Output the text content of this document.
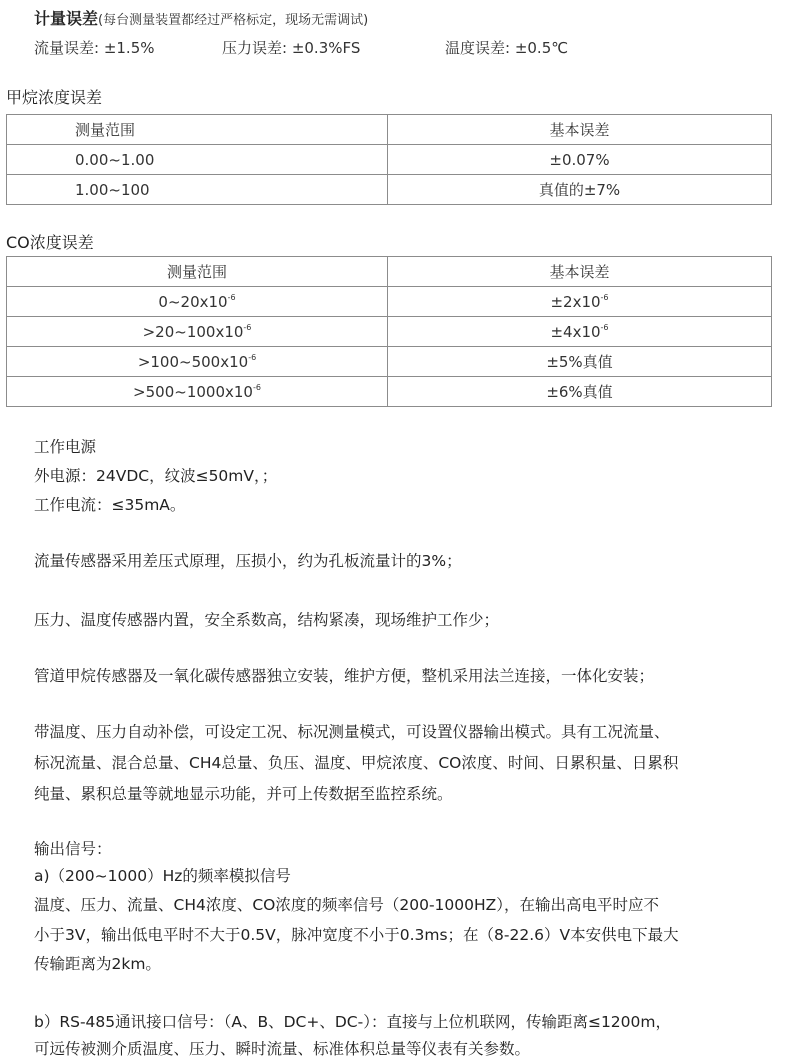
计量误差(每台测量装置都经过严格标定，现场无需调试)
流量误差: ±1.5%	压力误差: ±0.3%FS	温度误差: ±0.5℃
甲烷浓度误差
测量范围	基本误差
0.00~1.00	±0.07%
1.00~100	真值的±7%
CO浓度误差
测量范围	基本误差
$0\sim 20x10^{-6}$	$\pm 2x10^{-6}$
$>20\sim 100x10^{-6}$	$\pm 4x10^{-6}$
$>100\sim 500x10^{-6}$	±5%真值
$>500\sim 1000x10^{-6}$	±6%真值
工作电源
外电源：24VDC，纹波≤50mV，；
工作电流：≤35mA。
流量传感器采用差压式原理，压损小，约为孔板流量计的3%；
压力、温度传感器内置，安全系数高，结构紧凑，现场维护工作少；
管道甲烷传感器及一氧化碳传感器独立安装，维护方便，整机采用法兰连接，一体化安装；
带温度、压力自动补偿，可设定工况、标况测量模式，可设置仪器输出模式。具有工况流量、
标况流量、混合总量、CH4总量、负压、温度、甲烷浓度、CO浓度、时间、日累积量、日累积
纯量、累积总量等就地显示功能，并可上传数据至监控系统。
输出信号：
a)（200~1000）Hz的频率模拟信号
温度、压力、流量、CH4浓度、CO浓度的频率信号（200-1000HZ），在输出高电平时应不
小于3V，输出低电平时不大于0.5V，脉冲宽度不小于0.3ms；在（8-22.6）V本安供电下最大
传输距离为2km。
b）RS-485通讯接口信号：（A、B、DC+、DC-）：直接与上位机联网，传输距离≤1200m，
可远传被测介质温度、压力、瞬时流量、标准体积总量等仪表有关参数。
